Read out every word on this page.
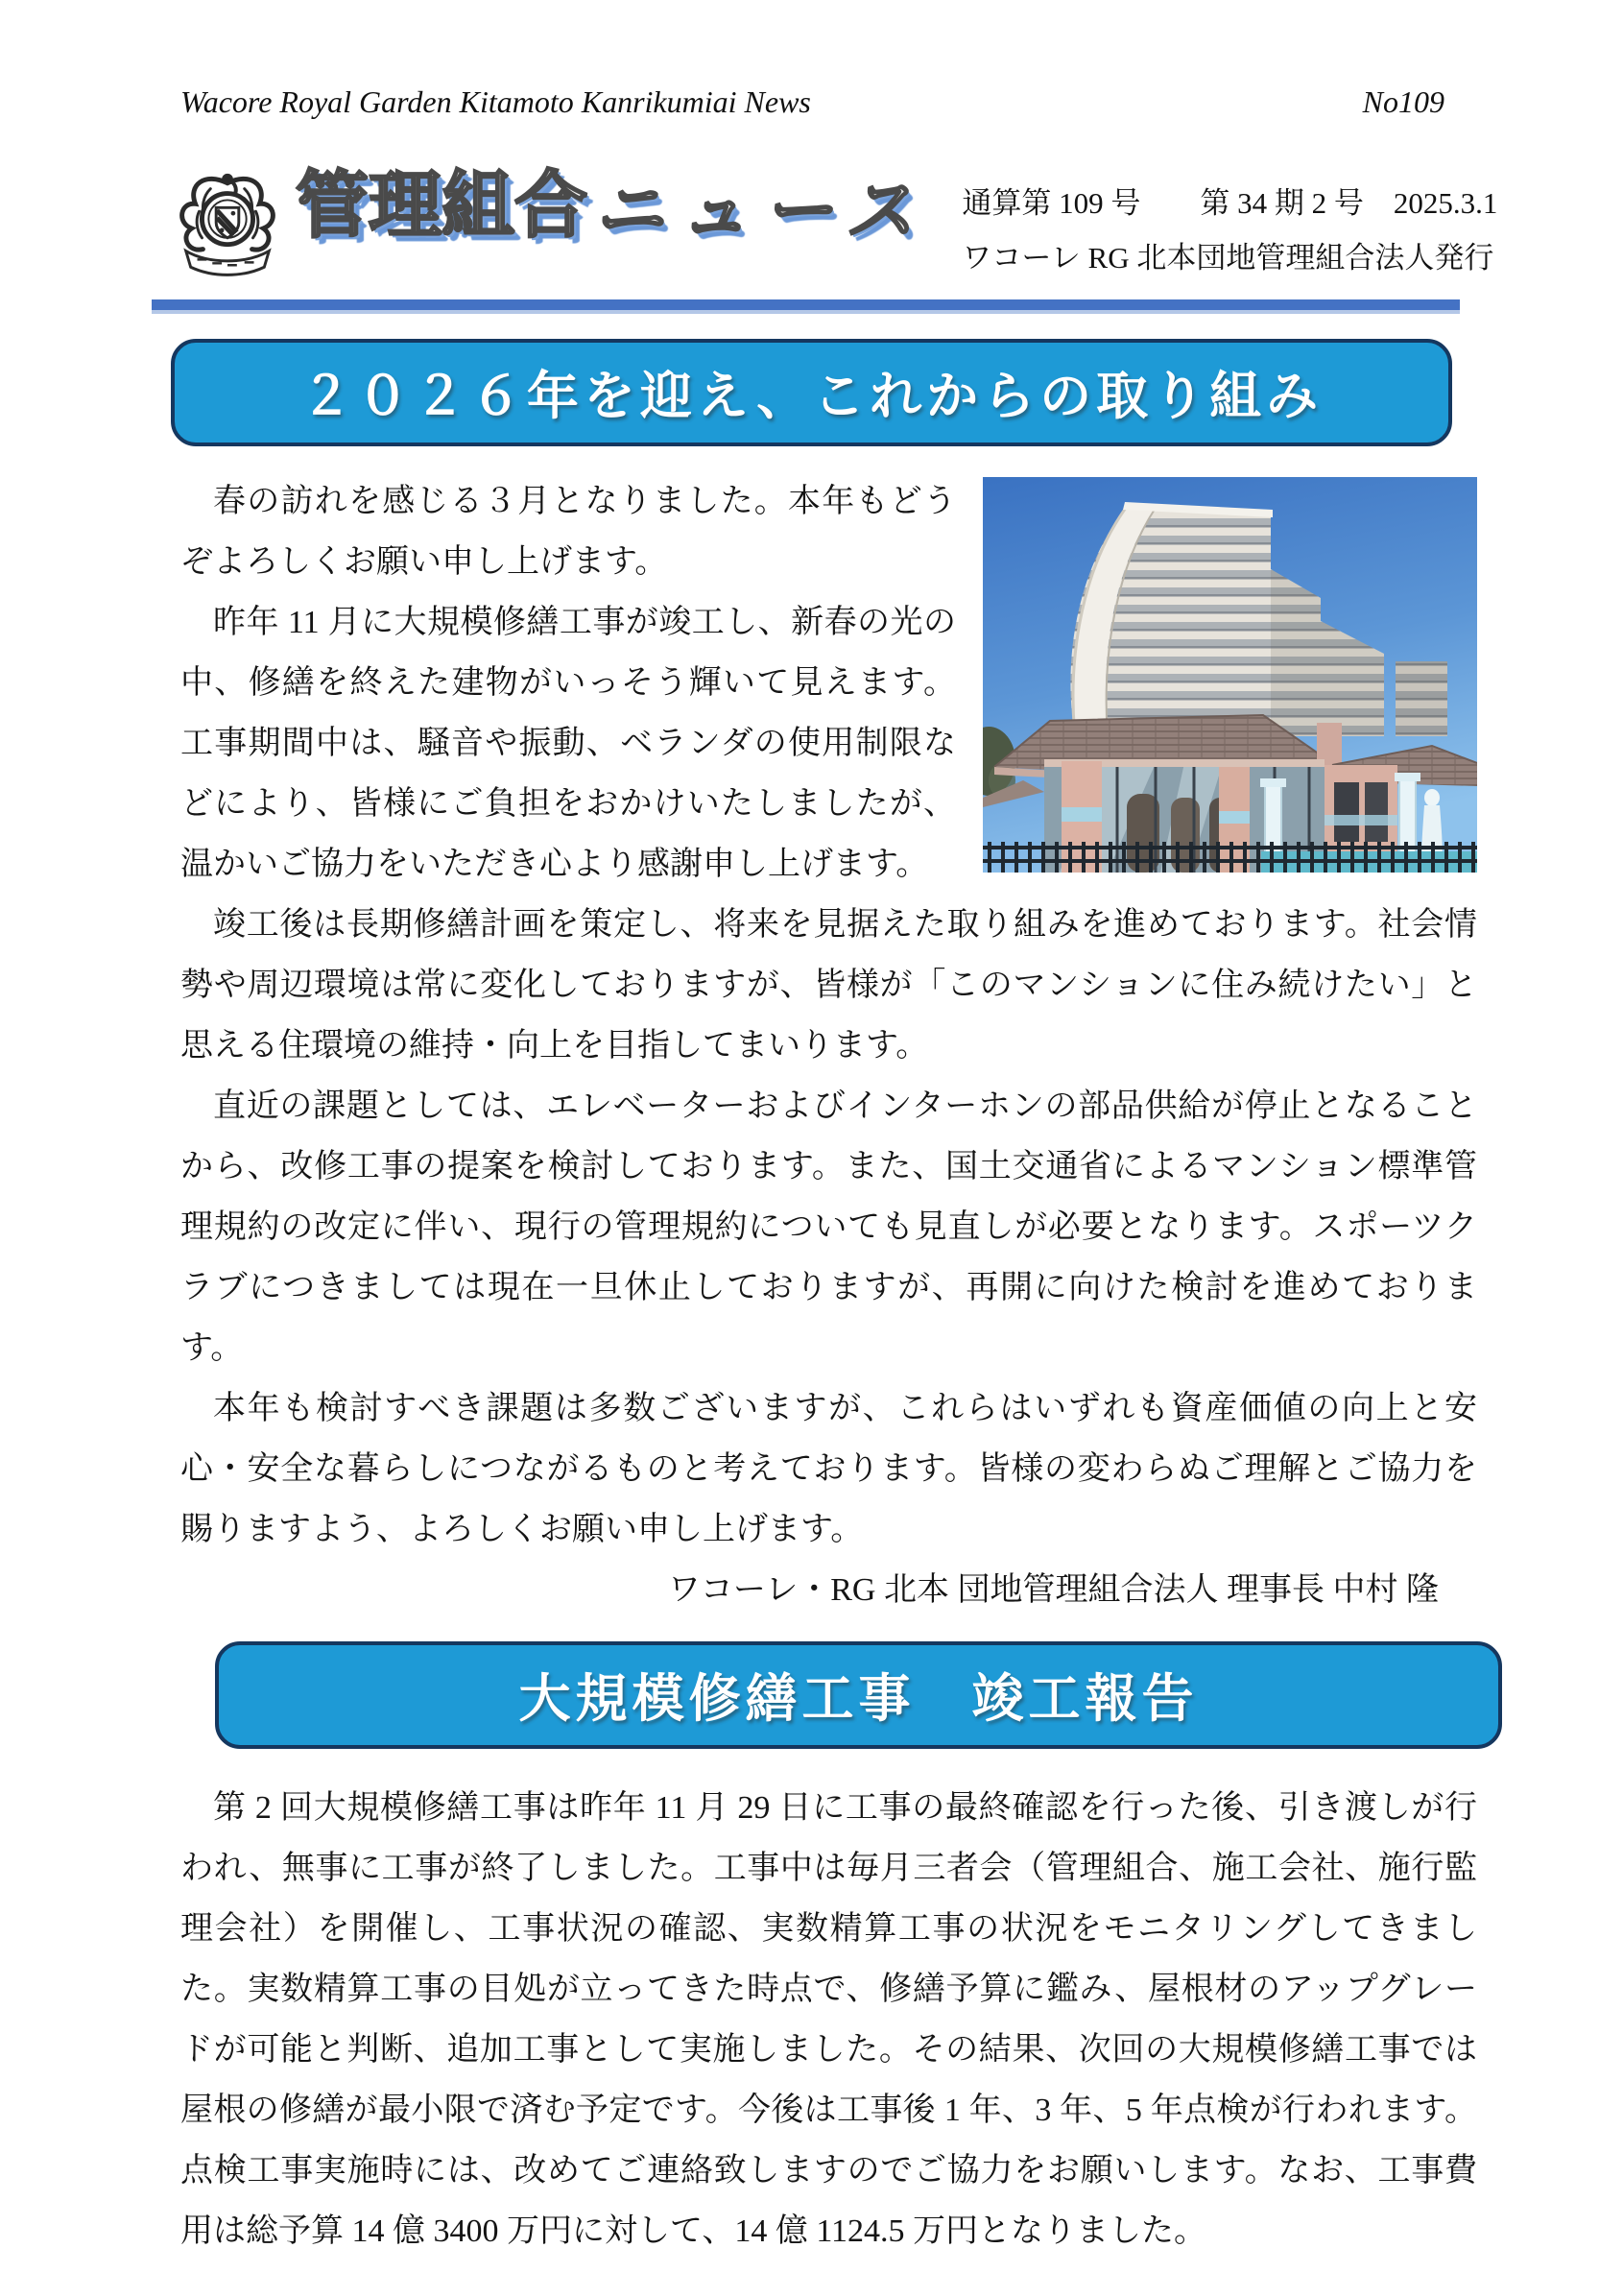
Wacore Royal Garden Kitamoto Kanrikumiai News	No109
管理組合ニュース 通算第 109 号　　第 34 期 2 号　2025.3.1
ワコーレ RG 北本団地管理組合法人発行
２０２６年を迎え、これからの取り組み

春の訪れを感じる３月となりました。本年もどうぞよろしくお願い申し上げます。

昨年 11 月に大規模修繕工事が竣工し、新春の光の中、修繕を終えた建物がいっそう輝いて見えます。工事期間中は、騒音や振動、ベランダの使用制限などにより、皆様にご負担をおかけいたしましたが、温かいご協力をいただき心より感謝申し上げます。

竣工後は長期修繕計画を策定し、将来を見据えた取り組みを進めております。社会情勢や周辺環境は常に変化しておりますが、皆様が「このマンションに住み続けたい」と思える住環境の維持・向上を目指してまいります。

直近の課題としては、エレベーターおよびインターホンの部品供給が停止となることから、改修工事の提案を検討しております。また、国土交通省によるマンション標準管理規約の改定に伴い、現行の管理規約についても見直しが必要となります。スポーツクラブにつきましては現在一旦休止しておりますが、再開に向けた検討を進めております。

本年も検討すべき課題は多数ございますが、これらはいずれも資産価値の向上と安心・安全な暮らしにつながるものと考えております。皆様の変わらぬご理解とご協力を賜りますよう、よろしくお願い申し上げます。

ワコーレ・RG 北本 団地管理組合法人 理事長 中村 隆

大規模修繕工事　竣工報告

第 2 回大規模修繕工事は昨年 11 月 29 日に工事の最終確認を行った後、引き渡しが行われ、無事に工事が終了しました。工事中は毎月三者会（管理組合、施工会社、施行監理会社）を開催し、工事状況の確認、実数精算工事の状況をモニタリングしてきました。実数精算工事の目処が立ってきた時点で、修繕予算に鑑み、屋根材のアップグレードが可能と判断、追加工事として実施しました。その結果、次回の大規模修繕工事では屋根の修繕が最小限で済む予定です。今後は工事後 1 年、3 年、5 年点検が行われます。点検工事実施時には、改めてご連絡致しますのでご協力をお願いします。なお、工事費用は総予算 14 億 3400 万円に対して、14 億 1124.5 万円となりました。
